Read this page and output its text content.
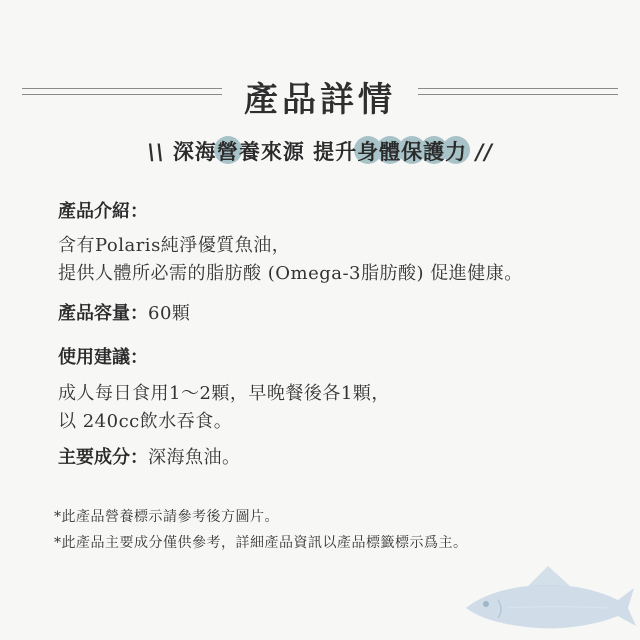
產品詳情
\\ 深海營養來源 提升身體保護力 //
產品介紹：
含有Polaris純淨優質魚油，
提供人體所必需的脂肪酸 (Omega-3脂肪酸) 促進健康。
產品容量：60顆
使用建議：
成人每日食用1～2顆，早晚餐後各1顆，
以 240cc飲水吞食。
主要成分：深海魚油。
*此產品營養標示請參考後方圖片。
*此產品主要成分僅供參考，詳細產品資訊以產品標籤標示爲主。
